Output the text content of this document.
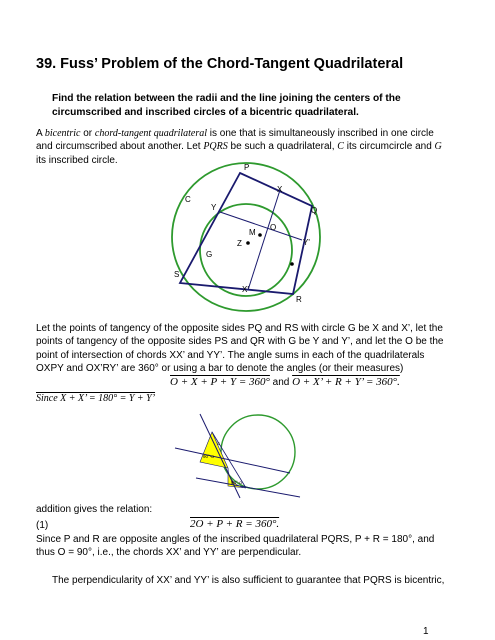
39. Fuss’ Problem of the Chord-Tangent Quadrilateral
Find the relation between the radii and the line joining the centers of the circumscribed and inscribed circles of a bicentric quadrilateral.
A bicentric or chord-tangent quadrilateral is one that is simultaneously inscribed in one circle and circumscribed about another. Let PQRS be such a quadrilateral, C its circumcircle and G its inscribed circle.
P
X
Q
C
Y
M
O
Z	Y'
G
S
X'
R
Let the points of tangency of the opposite sides PQ and RS with circle G be X and X’, let the
points of tangency of the opposite sides PS and QR with G be Y and Y’, and let the O be the
point of intersection of chords XX’ and YY’. The angle sums in each of the quadrilaterals
OXPY and OX’RY’ are 360° or using a bar to denote the angles (or their measures)
O + X + P + Y = 360° and O + X’ + R + Y’ = 360°.
Since X + X’ = 180° = Y + Y’
α
90°-α
90°-α
addition gives the relation:
(1)	2O + P + R = 360°.
Since P and R are opposite angles of the inscribed quadrilateral PQRS, P + R = 180°, and
thus O = 90°, i.e., the chords XX’ and YY’ are perpendicular.
The perpendicularity of XX’ and YY’ is also sufficient to guarantee that PQRS is bicentric,
1
